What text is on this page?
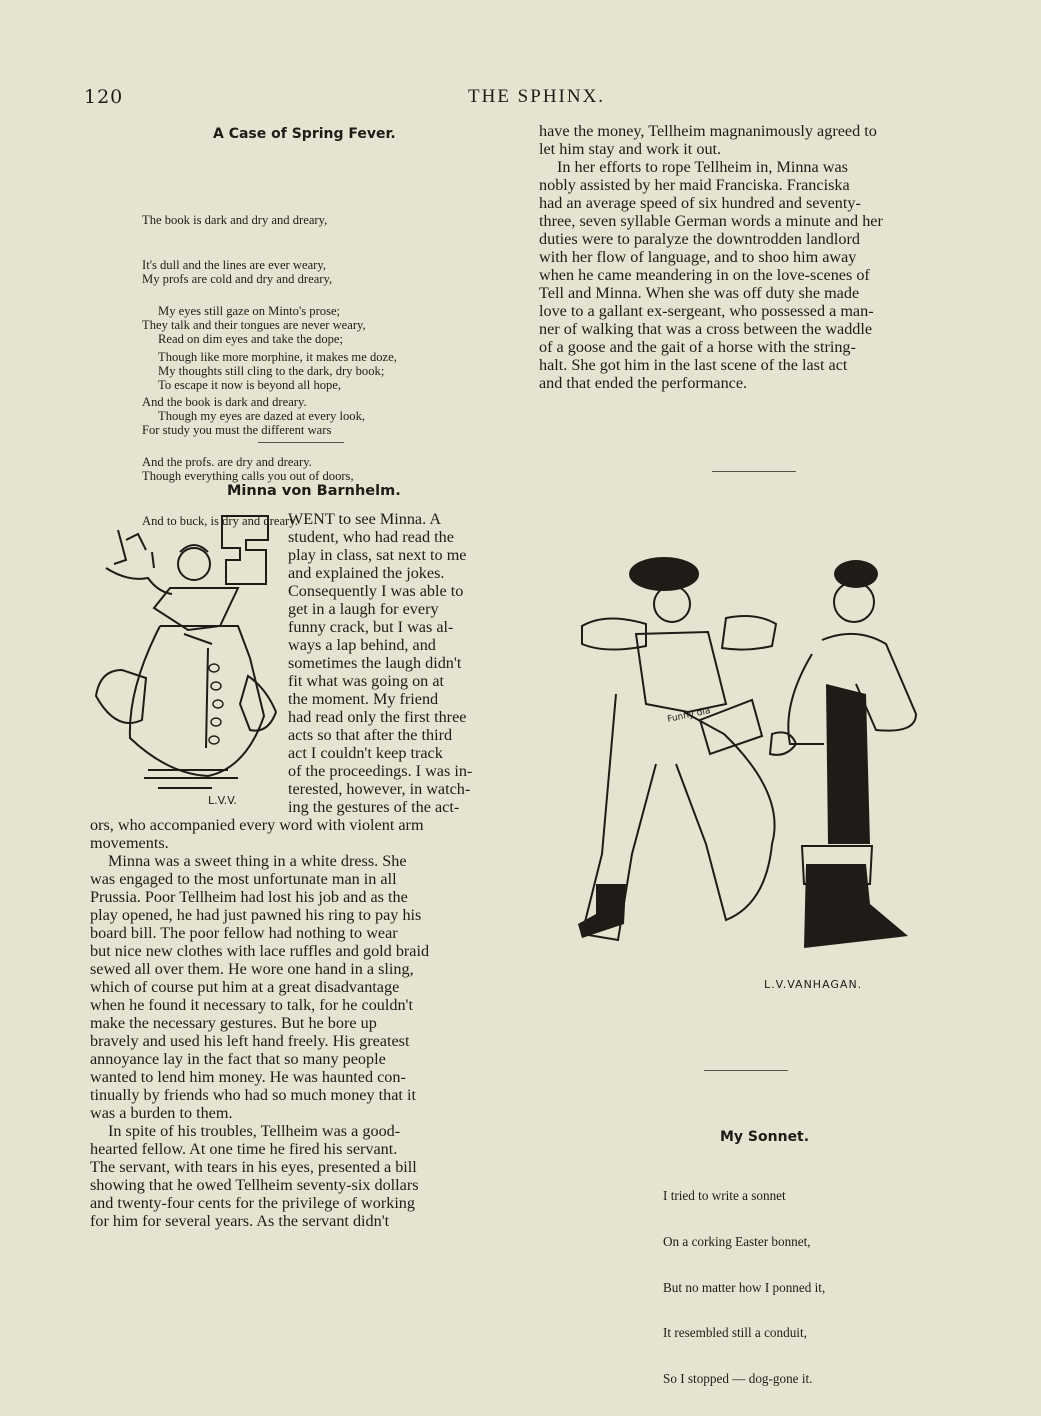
120	THE SPHINX.
A Case of Spring Fever.

The book is dark and dry and dreary,

It's dull and the lines are ever weary,

My eyes still gaze on Minto's prose;

Though like more morphine, it makes me doze,

And the book is dark and dreary.

My profs are cold and dry and dreary,

They talk and their tongues are never weary,

My thoughts still cling to the dark, dry book;

Though my eyes are dazed at every look,

And the profs. are dry and dreary.

Read on dim eyes and take the dope;

To escape it now is beyond all hope,

For study you must the different wars

Though everything calls you out of doors,

And to buck, is dry and dreary.

Minna von Barnhelm.
L.V.V.
WENT to see Minna. A
student, who had read the
play in class, sat next to me
and explained the jokes.
Consequently I was able to
get in a laugh for every
funny crack, but I was al-
ways a lap behind, and
sometimes the laugh didn't
fit what was going on at
the moment. My friend
had read only the first three
acts so that after the third
act I couldn't keep track
of the proceedings. I was in-
terested, however, in watch-
ing the gestures of the act-
ors, who accompanied every word with violent arm
movements.
Minna was a sweet thing in a white dress. She
was engaged to the most unfortunate man in all
Prussia. Poor Tellheim had lost his job and as the
play opened, he had just pawned his ring to pay his
board bill. The poor fellow had nothing to wear
but nice new clothes with lace ruffles and gold braid
sewed all over them. He wore one hand in a sling,
which of course put him at a great disadvantage
when he found it necessary to talk, for he couldn't
make the necessary gestures. But he bore up
bravely and used his left hand freely. His greatest
annoyance lay in the fact that so many people
wanted to lend him money. He was haunted con-
tinually by friends who had so much money that it
was a burden to them.
In spite of his troubles, Tellheim was a good-
hearted fellow. At one time he fired his servant.
The servant, with tears in his eyes, presented a bill
showing that he owed Tellheim seventy-six dollars
and twenty-four cents for the privilege of working
for him for several years. As the servant didn't
have the money, Tellheim magnanimously agreed to
let him stay and work it out.
In her efforts to rope Tellheim in, Minna was
nobly assisted by her maid Franciska. Franciska
had an average speed of six hundred and seventy-
three, seven syllable German words a minute and her
duties were to paralyze the downtrodden landlord
with her flow of language, and to shoo him away
when he came meandering in on the love-scenes of
Tell and Minna. When she was off duty she made
love to a gallant ex-sergeant, who possessed a man-
ner of walking that was a cross between the waddle
of a goose and the gait of a horse with the string-
halt. She got him in the last scene of the last act
and that ended the performance.
Funny dia
L.V.VANHAGAN.
My Sonnet.

I tried to write a sonnet

On a corking Easter bonnet,

But no matter how I ponned it,

It resembled still a conduit,

So I stopped — dog-gone it.
